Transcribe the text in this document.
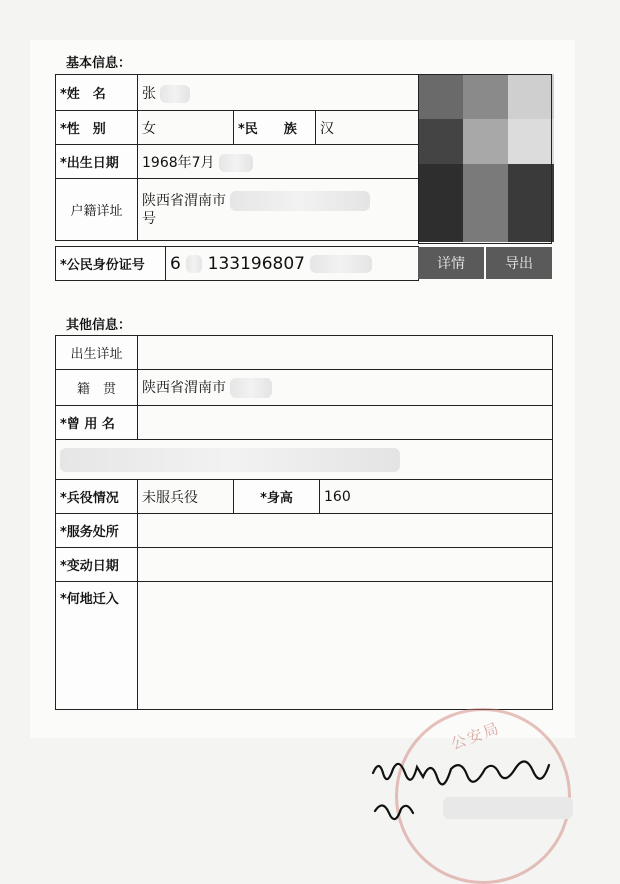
基本信息：
*姓　名	张		
*性　别	女	*民　　族	汉
*出生日期	1968年7月		
户籍详址	陕西省渭南市
号		
*公民身份证号	6 133196807		详情	导出
其他信息：
出生详址			
籍　贯	陕西省渭南市		
*曾 用 名			

*兵役情况	未服兵役	*身高	160
*服务处所			
*变动日期			
*何地迁入			
公安局
